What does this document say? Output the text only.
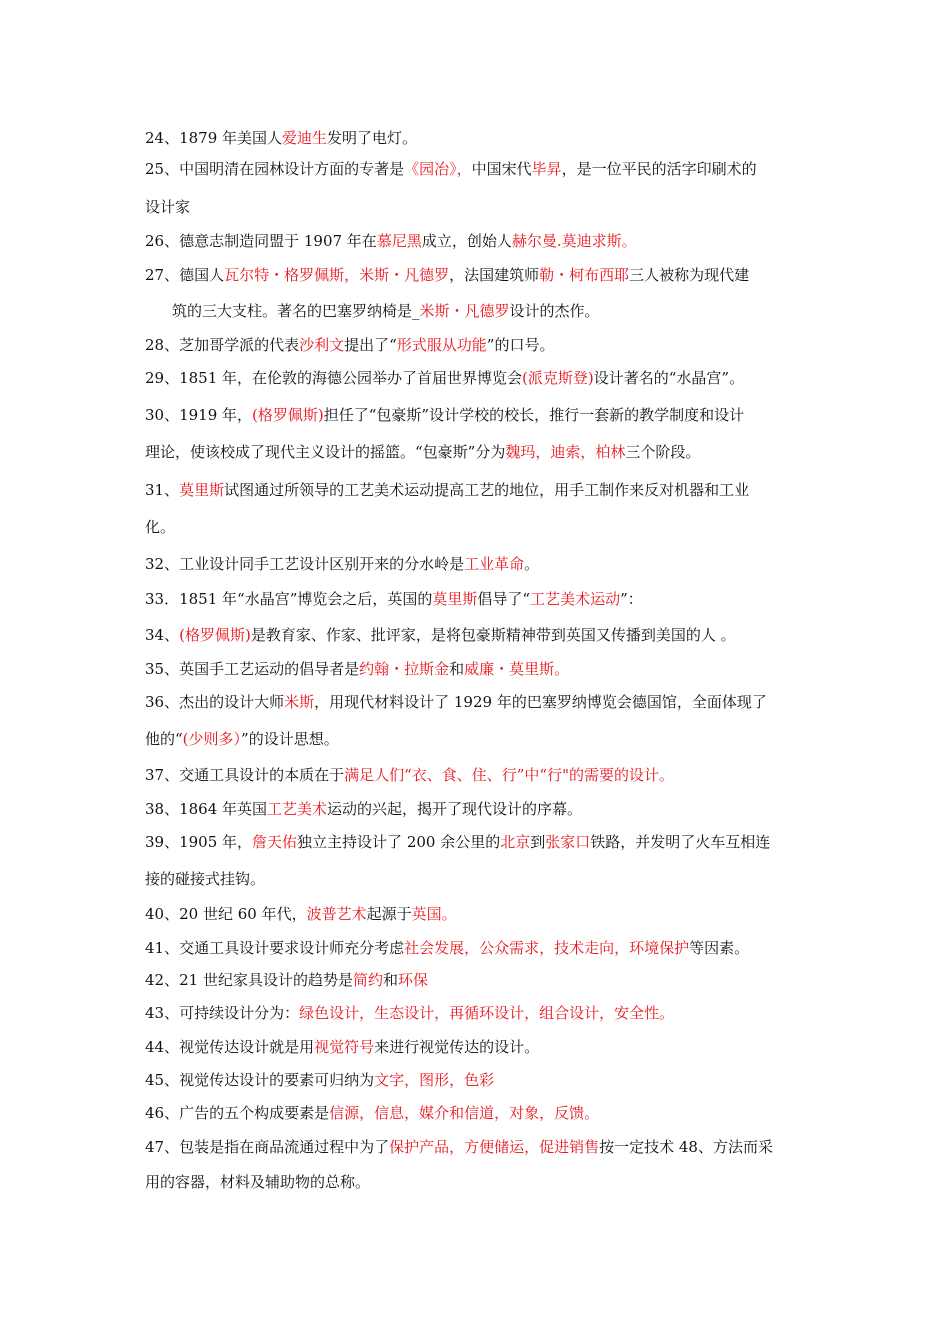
24、1879 年美国人爱迪生发明了电灯。
25、中国明清在园林设计方面的专著是《园冶》，中国宋代毕昇，是一位平民的活字印刷术的
设计家
26、德意志制造同盟于 1907 年在慕尼黑成立，创始人赫尔曼.莫迪求斯。
27、德国人瓦尔特・格罗佩斯，米斯・凡德罗，法国建筑师勒・柯布西耶三人被称为现代建
筑的三大支柱。著名的巴塞罗纳椅是_米斯・凡德罗设计的杰作。
28、芝加哥学派的代表沙利文提出了“形式服从功能”的口号。
29、1851 年，在伦敦的海德公园举办了首届世界博览会(派克斯登)设计著名的“水晶宫”。
30、1919 年，(格罗佩斯)担任了“包豪斯”设计学校的校长，推行一套新的教学制度和设计
理论，使该校成了现代主义设计的摇篮。“包豪斯”分为魏玛，迪索，柏林三个阶段。
31、莫里斯试图通过所领导的工艺美术运动提高工艺的地位，用手工制作来反对机器和工业
化。
32、工业设计同手工艺设计区别开来的分水岭是工业革命。
33．1851 年“水晶宫”博览会之后，英国的莫里斯倡导了“工艺美术运动”：
34、(格罗佩斯)是教育家、作家、批评家，是将包豪斯精神带到英国又传播到美国的人 。
35、英国手工艺运动的倡导者是约翰・拉斯金和威廉・莫里斯。
36、杰出的设计大师米斯，用现代材料设计了 1929 年的巴塞罗纳博览会德国馆，全面体现了
他的“(少则多）”的设计思想。
37、交通工具设计的本质在于满足人们“衣、食、住、行”中“行"的需要的设计。
38、1864 年英国工艺美术运动的兴起，揭开了现代设计的序幕。
39、1905 年，詹天佑独立主持设计了 200 余公里的北京到张家口铁路，并发明了火车互相连
接的碰接式挂钩。
40、20 世纪 60 年代，波普艺术起源于英国。
41、交通工具设计要求设计师充分考虑社会发展，公众需求，技术走向，环境保护等因素。
42、21 世纪家具设计的趋势是简约和环保
43、可持续设计分为：绿色设计，生态设计，再循环设计，组合设计，安全性。
44、视觉传达设计就是用视觉符号来进行视觉传达的设计。
45、视觉传达设计的要素可归纳为文字，图形，色彩
46、广告的五个构成要素是信源，信息，媒介和信道，对象，反馈。
47、包装是指在商品流通过程中为了保护产品，方便储运，促进销售按一定技术 48、方法而采
用的容器，材料及辅助物的总称。
